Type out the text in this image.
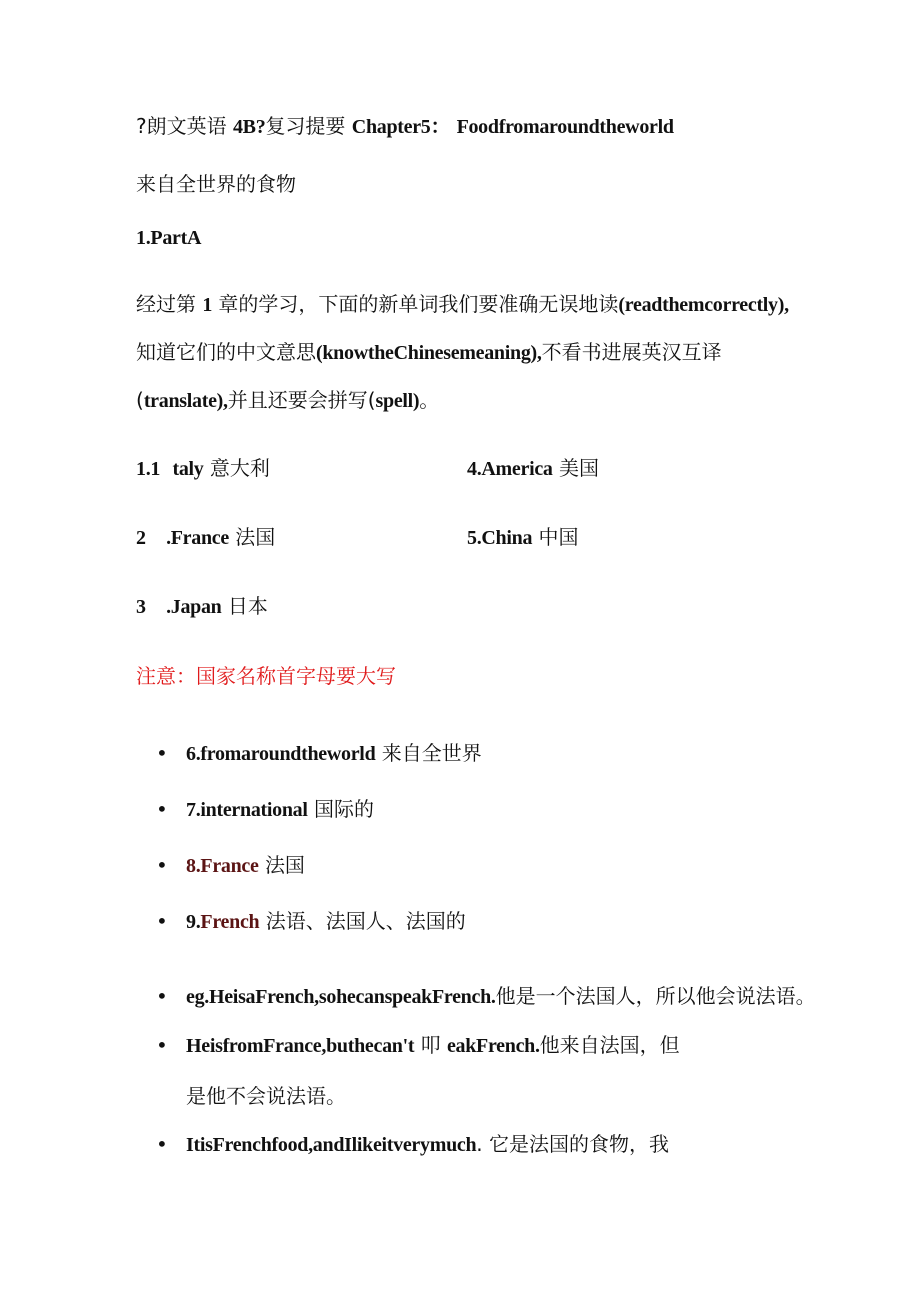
?朗文英语 4B?复习提要 Chapter5： Foodfromaroundtheworld
来自全世界的食物
1.PartA
经过第 1 章的学习，下面的新单词我们要准确无误地读(readthemcorrectly),
知道它们的中文意思(knowtheChinesemeaning),不看书进展英汉互译
(translate),并且还要会拼写(spell)。
1.1 taly 意大利	4.America 美国
2 .France 法国	5.China 中国
3 .Japan 日本
注意：国家名称首字母要大写
• 6.fromaroundtheworld 来自全世界
• 7.international 国际的
• 8.France 法国
• 9.French 法语、法国人、法国的
• eg.HeisaFrench,sohecanspeakFrench.他是一个法国人，所以他会说法语。
• HeisfromFrance,buthecan't 叩 eakFrench.他来自法国，但
是他不会说法语。
• ItisFrenchfood,andIlikeitverymuch. 它是法国的食物，我
